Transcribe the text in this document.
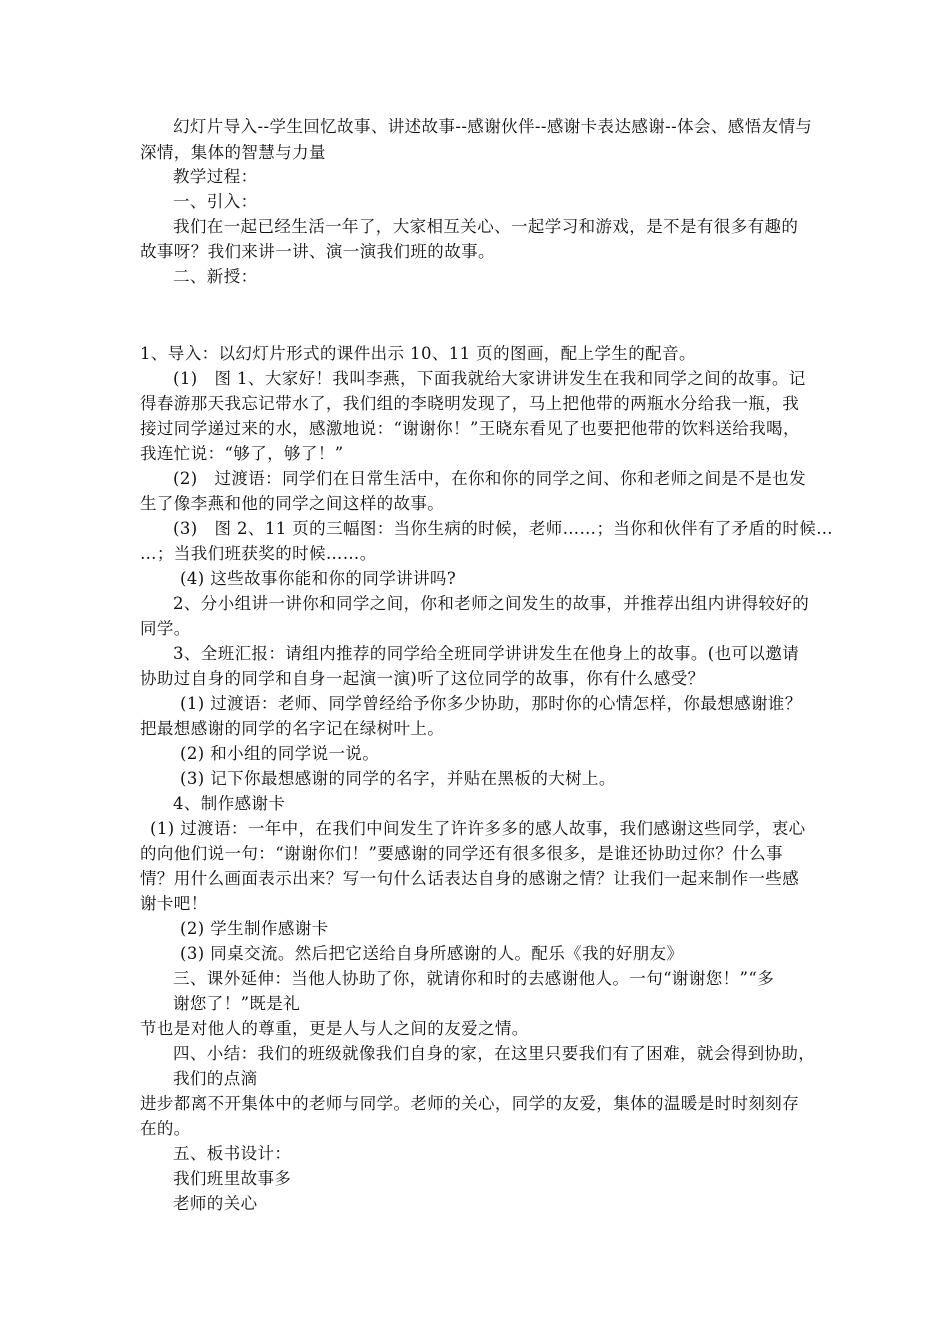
幻灯片导入--学生回忆故事、讲述故事--感谢伙伴--感谢卡表达感谢--体会、感悟友情与
深情，集体的智慧与力量
教学过程：
一、引入：
我们在一起已经生活一年了，大家相互关心、一起学习和游戏，是不是有很多有趣的
故事呀？我们来讲一讲、演一演我们班的故事。
二、新授：
1、导入：以幻灯片形式的课件出示 10、11 页的图画，配上学生的配音。
(1)　图 1、大家好！我叫李燕，下面我就给大家讲讲发生在我和同学之间的故事。记
得春游那天我忘记带水了，我们组的李晓明发现了，马上把他带的两瓶水分给我一瓶，我
接过同学递过来的水，感激地说：“谢谢你！”王晓东看见了也要把他带的饮料送给我喝，
我连忙说：“够了，够了！”
(2)　过渡语：同学们在日常生活中，在你和你的同学之间、你和老师之间是不是也发
生了像李燕和他的同学之间这样的故事。
(3)　图 2、11 页的三幅图：当你生病的时候，老师……；当你和伙伴有了矛盾的时候…
…；当我们班获奖的时候……。
(4) 这些故事你能和你的同学讲讲吗?
2、分小组讲一讲你和同学之间，你和老师之间发生的故事，并推荐出组内讲得较好的
同学。
3、全班汇报：请组内推荐的同学给全班同学讲讲发生在他身上的故事。(也可以邀请
协助过自身的同学和自身一起演一演)听了这位同学的故事，你有什么感受？
(1) 过渡语：老师、同学曾经给予你多少协助，那时你的心情怎样，你最想感谢谁？
把最想感谢的同学的名字记在绿树叶上。
(2) 和小组的同学说一说。
(3) 记下你最想感谢的同学的名字，并贴在黑板的大树上。
4、制作感谢卡
(1) 过渡语：一年中，在我们中间发生了许许多多的感人故事，我们感谢这些同学，衷心
的向他们说一句：“谢谢你们！”要感谢的同学还有很多很多，是谁还协助过你？什么事
情？用什么画面表示出来？写一句什么话表达自身的感谢之情？让我们一起来制作一些感
谢卡吧！
(2) 学生制作感谢卡
(3) 同桌交流。然后把它送给自身所感谢的人。配乐《我的好朋友》
三、课外延伸：当他人协助了你，就请你和时的去感谢他人。一句“谢谢您！”“多
谢您了！”既是礼
节也是对他人的尊重，更是人与人之间的友爱之情。
四、小结：我们的班级就像我们自身的家，在这里只要我们有了困难，就会得到协助，
我们的点滴
进步都离不开集体中的老师与同学。老师的关心，同学的友爱，集体的温暖是时时刻刻存
在的。
五、板书设计：
我们班里故事多
老师的关心
